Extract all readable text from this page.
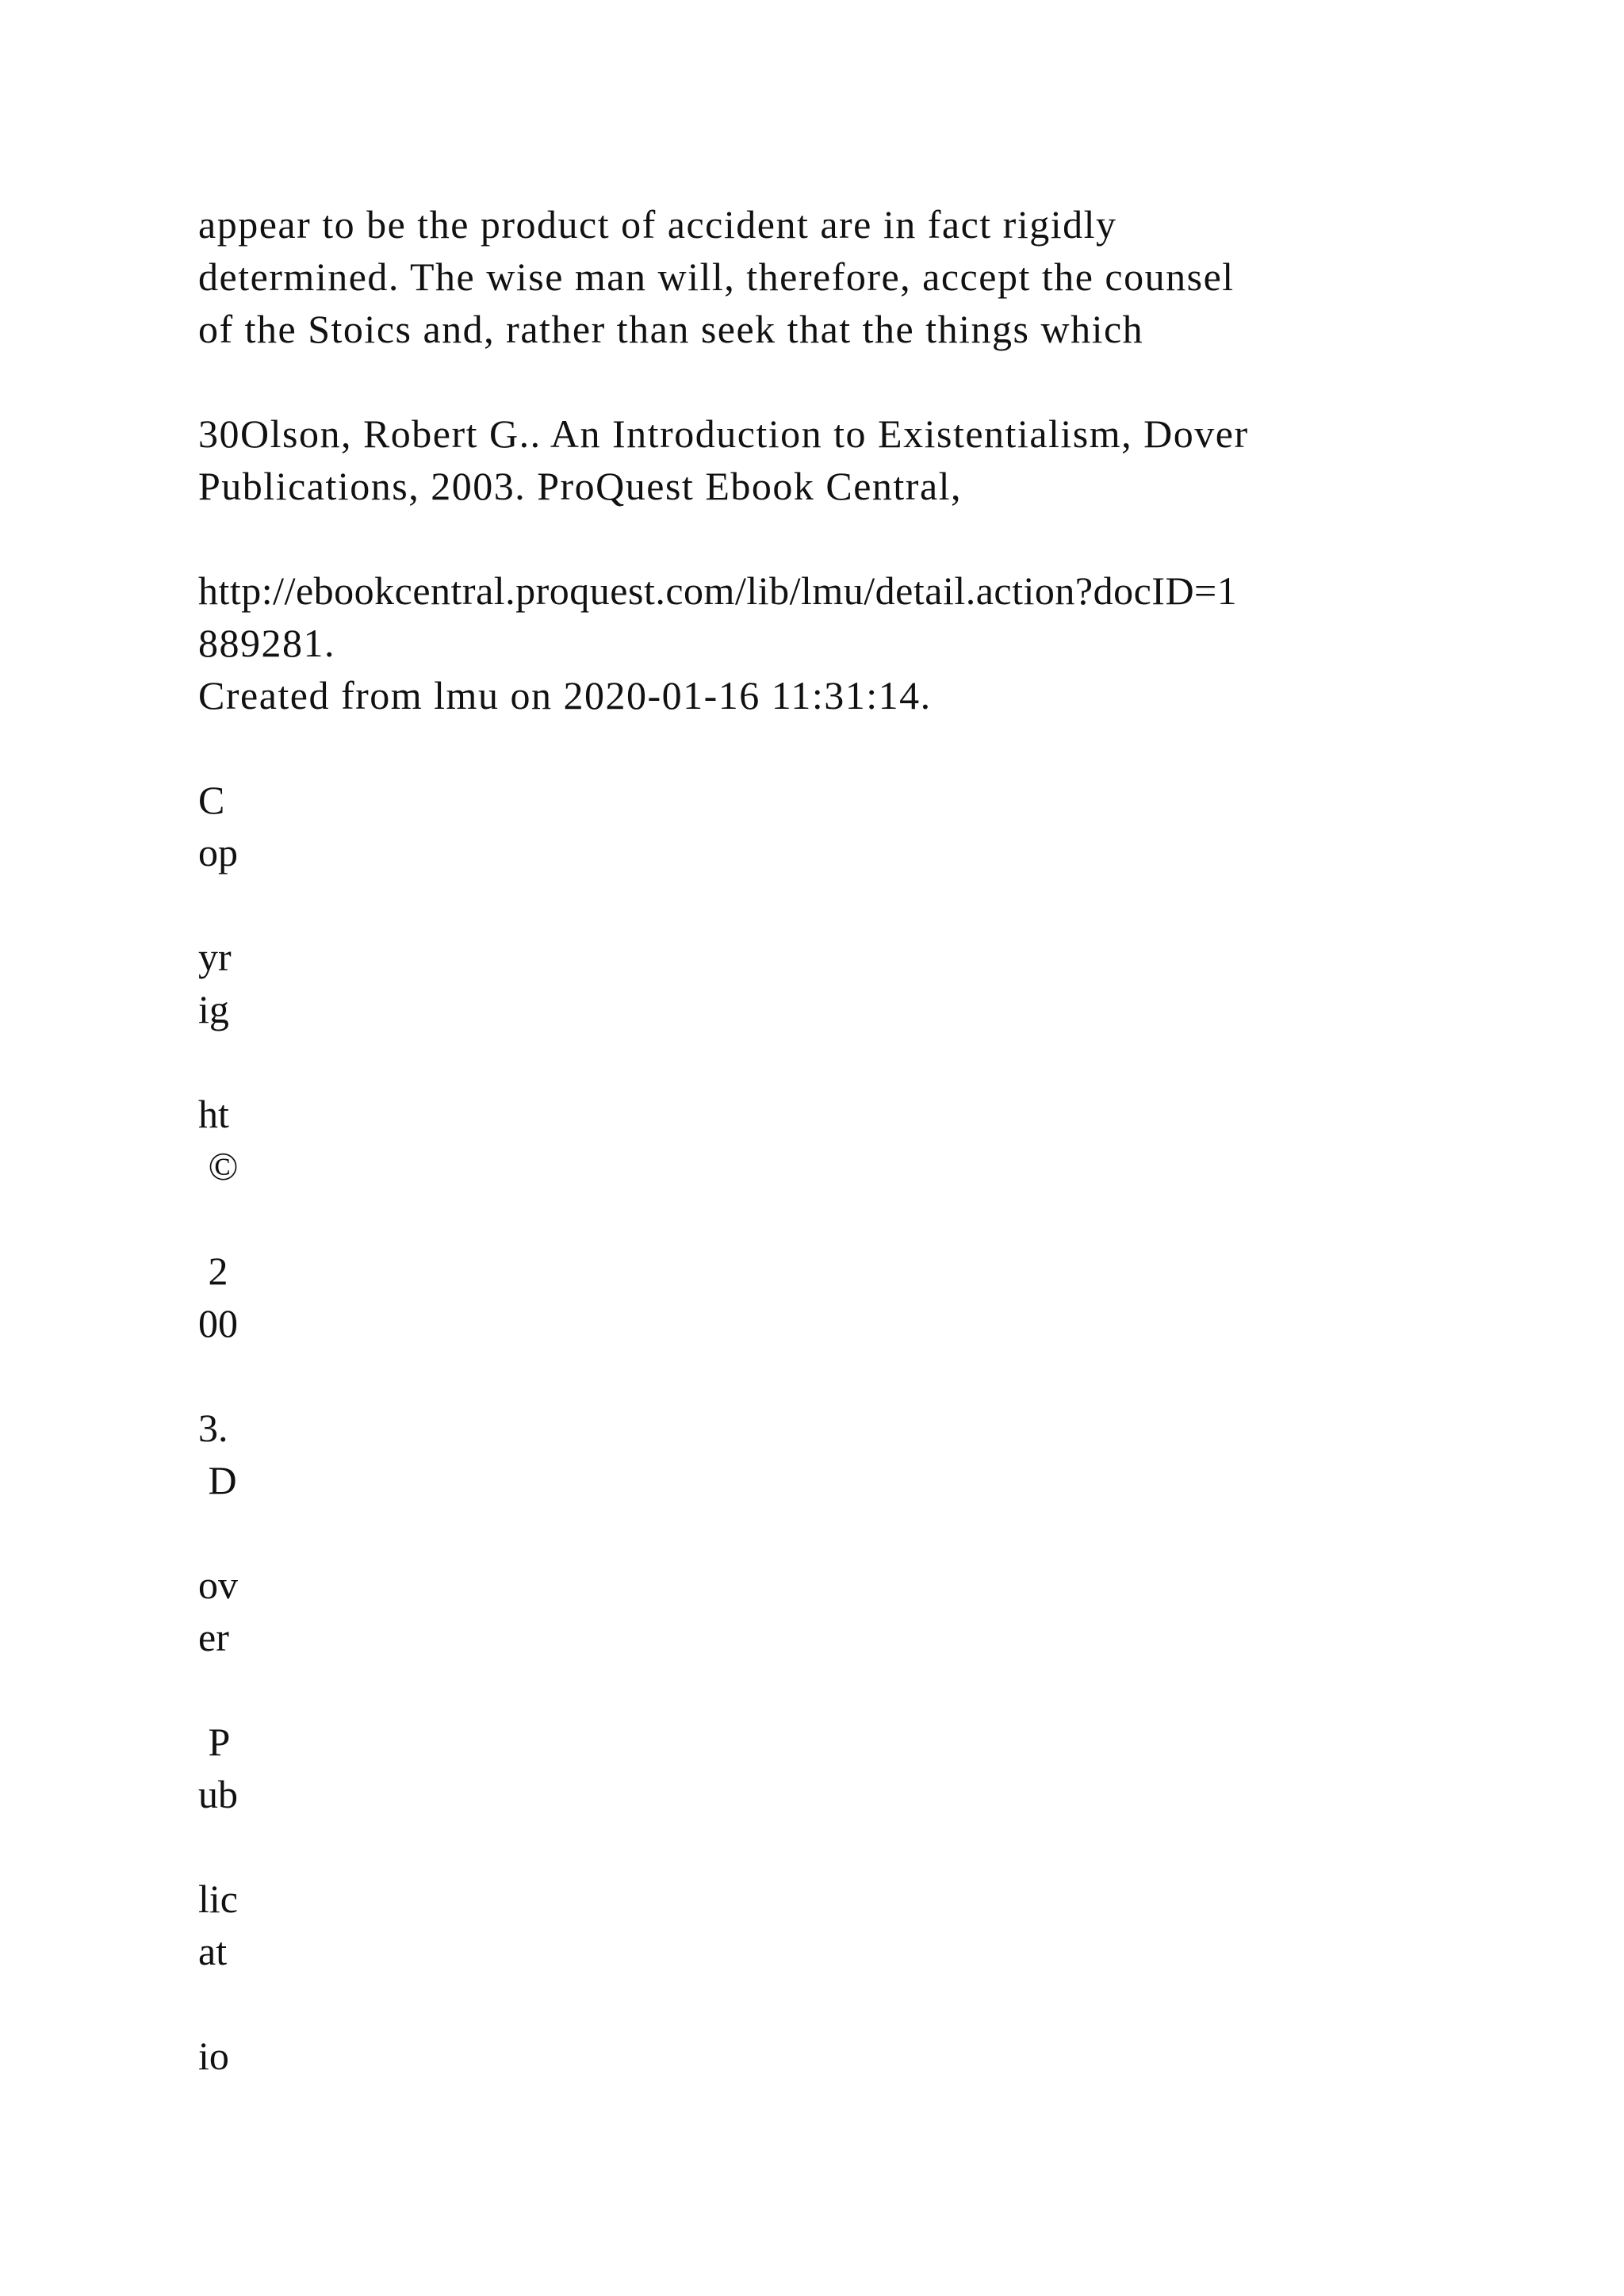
appear to be the product of accident are in fact rigidly
determined. The wise man will, therefore, accept the counsel
of the Stoics and, rather than seek that the things which
30Olson, Robert G.. An Introduction to Existentialism, Dover
Publications, 2003. ProQuest Ebook Central,
http://ebookcentral.proquest.com/lib/lmu/detail.action?docID=1
889281.
Created from lmu on 2020-01-16 11:31:14.
C
op
yr
ig
ht
©
2
00
3.
D
ov
er
P
ub
lic
at
io
